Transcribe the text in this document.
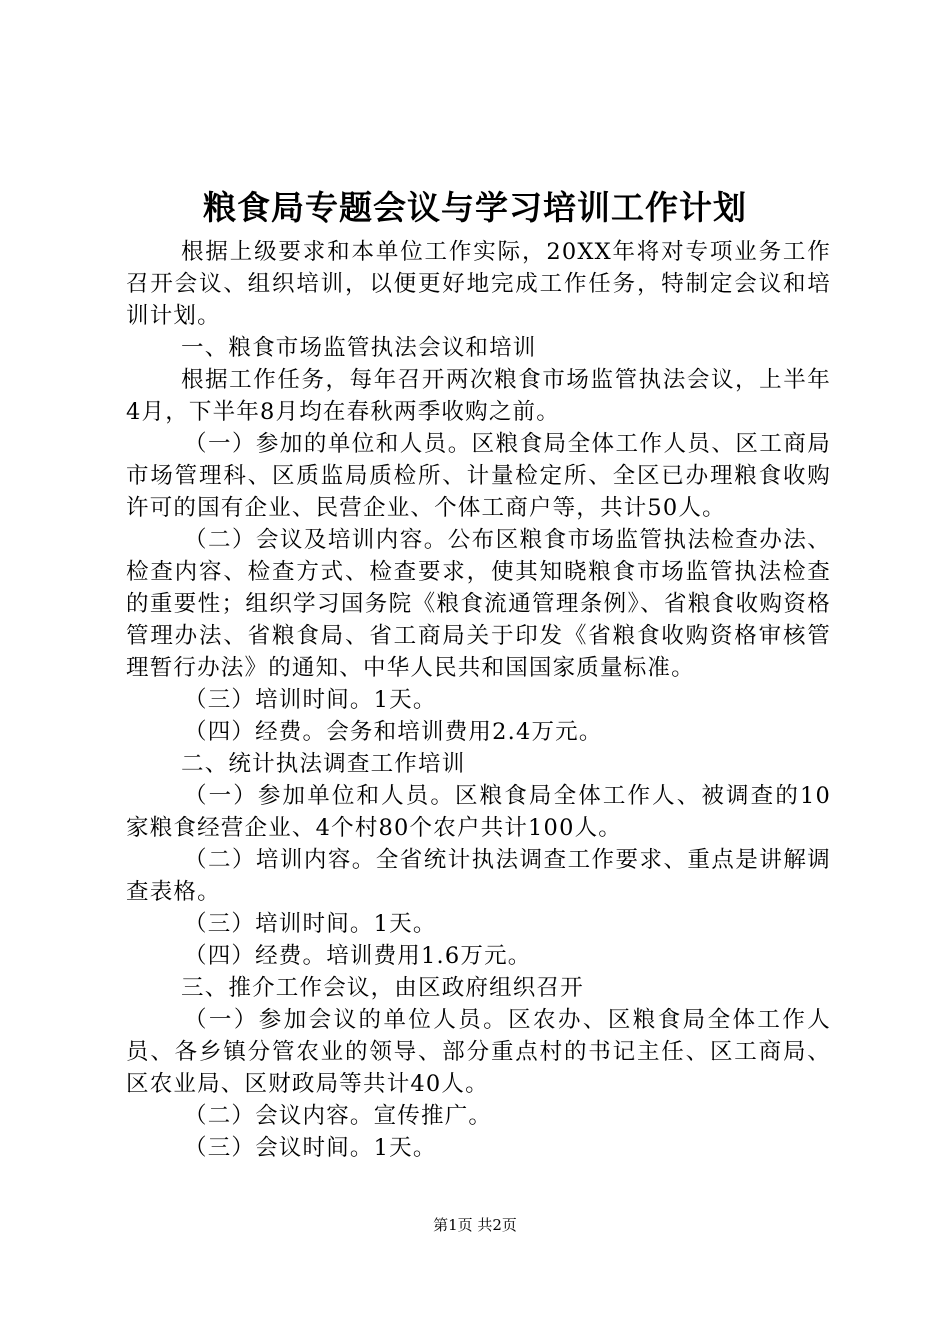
粮食局专题会议与学习培训工作计划

根据上级要求和本单位工作实际，20XX年将对专项业务工作召开会议、组织培训，以便更好地完成工作任务，特制定会议和培训计划。

一、粮食市场监管执法会议和培训

根据工作任务，每年召开两次粮食市场监管执法会议，上半年4月，下半年8月均在春秋两季收购之前。

（一）参加的单位和人员。区粮食局全体工作人员、区工商局市场管理科、区质监局质检所、计量检定所、全区已办理粮食收购许可的国有企业、民营企业、个体工商户等，共计50人。

（二）会议及培训内容。公布区粮食市场监管执法检查办法、检查内容、检查方式、检查要求，使其知晓粮食市场监管执法检查的重要性；组织学习国务院《粮食流通管理条例》、省粮食收购资格管理办法、省粮食局、省工商局关于印发《省粮食收购资格审核管理暂行办法》的通知、中华人民共和国国家质量标准。

（三）培训时间。1天。

（四）经费。会务和培训费用2.4万元。

二、统计执法调查工作培训

（一）参加单位和人员。区粮食局全体工作人、被调查的10家粮食经营企业、4个村80个农户共计100人。

（二）培训内容。全省统计执法调查工作要求、重点是讲解调查表格。

（三）培训时间。1天。

（四）经费。培训费用1.6万元。

三、推介工作会议，由区政府组织召开

（一）参加会议的单位人员。区农办、区粮食局全体工作人员、各乡镇分管农业的领导、部分重点村的书记主任、区工商局、区农业局、区财政局等共计40人。

（二）会议内容。宣传推广。

（三）会议时间。1天。

第1页 共2页
